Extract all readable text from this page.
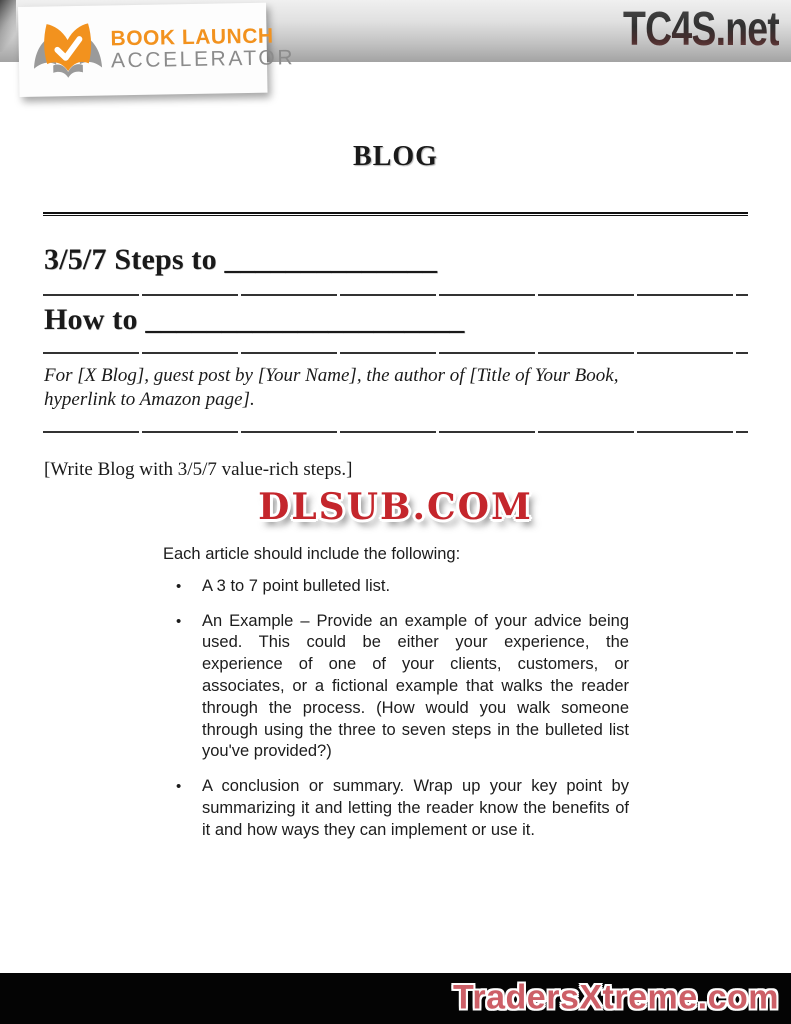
BOOK LAUNCH
ACCELERATOR
TC4S.net
BLOG
3/5/7 Steps to ______________
How to _____________________

For [X Blog], guest post by [Your Name], the author of [Title of Your Book,
hyperlink to Amazon page].

[Write Blog with 3/5/7 value-rich steps.]

DLSUB.COM

Each article should include the following:

•	A 3 to 7 point bulleted list.

•	An Example – Provide an example of your advice being used. This could be either your experience, the experience of one of your clients, customers, or associates, or a fictional example that walks the reader through the process. (How would you walk someone through using the three to seven steps in the bulleted list you've provided?)

•	A conclusion or summary. Wrap up your key point by summarizing it and letting the reader know the benefits of it and how ways they can implement or use it.

TradersXtreme.com
